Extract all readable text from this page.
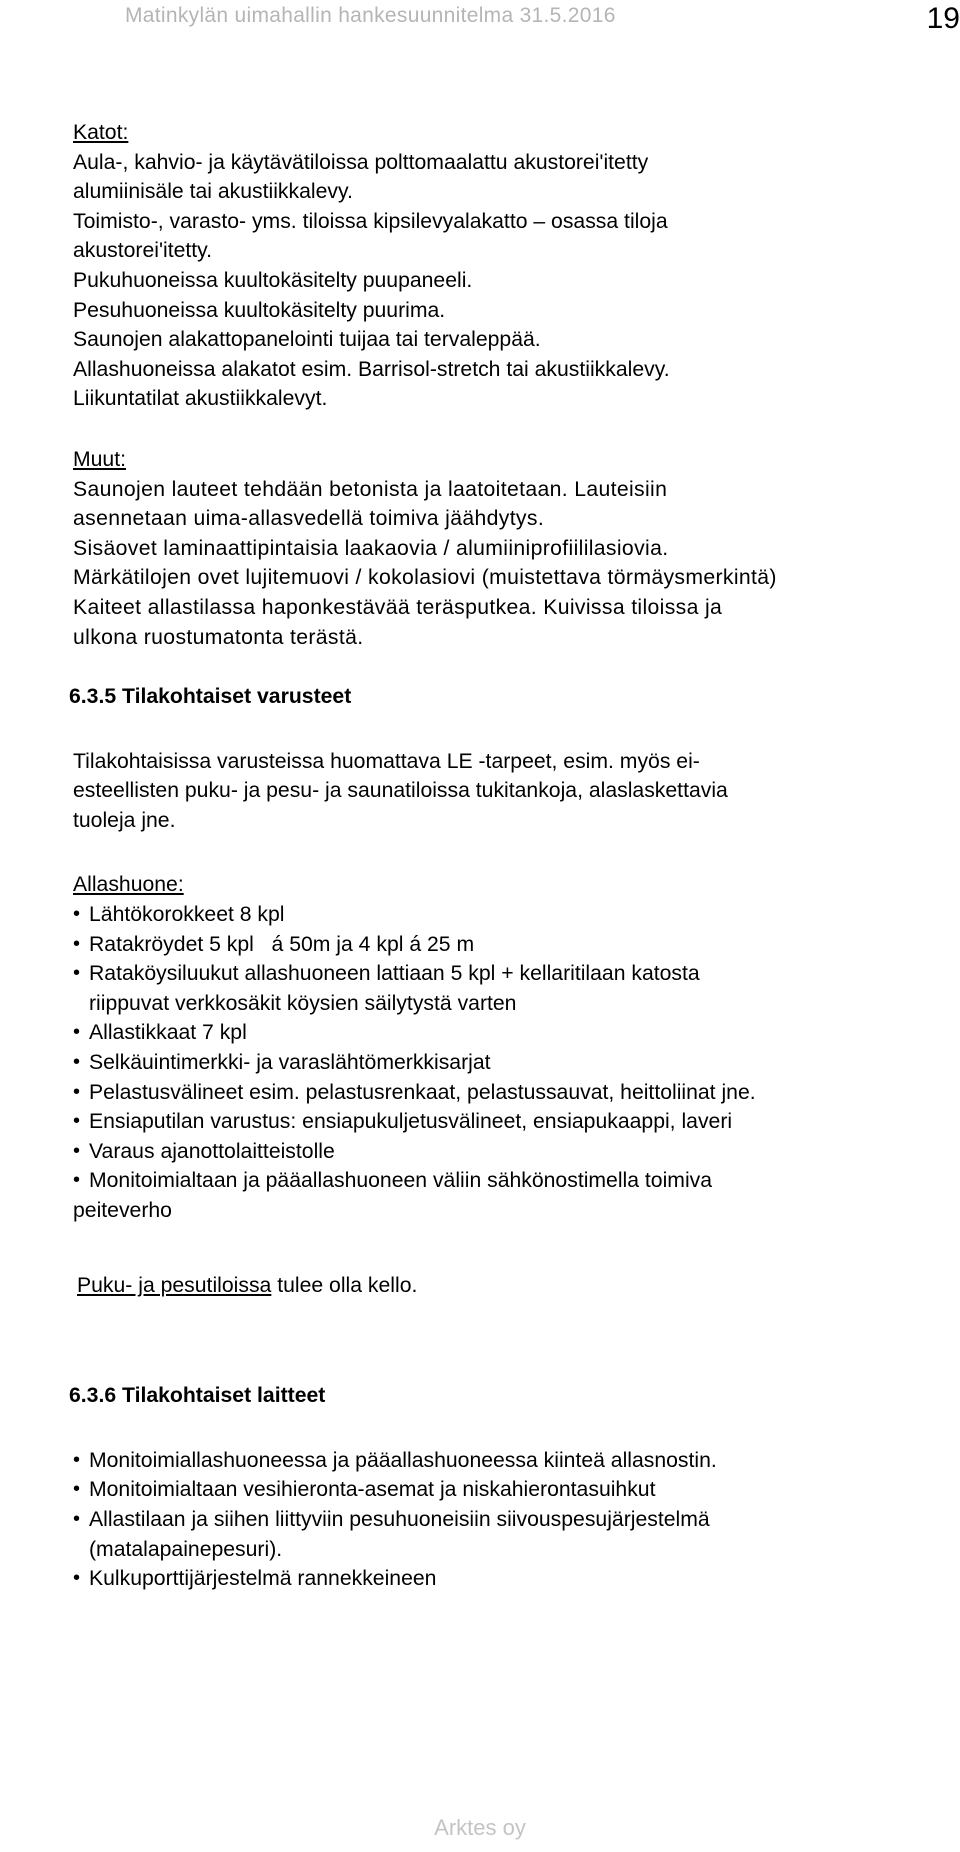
Matinkylän uimahallin hankesuunnitelma 31.5.2016	19
Katot:
Aula-, kahvio- ja käytävätiloissa polttomaalattu akustorei'itetty
alumiinisäle tai akustiikkalevy.
Toimisto-, varasto- yms. tiloissa kipsilevyalakatto – osassa tiloja
akustorei'itetty.
Pukuhuoneissa kuultokäsitelty puupaneeli.
Pesuhuoneissa kuultokäsitelty puurima.
Saunojen alakattopanelointi tuijaa tai tervaleppää.
Allashuoneissa alakatot esim. Barrisol-stretch tai akustiikkalevy.
Liikuntatilat akustiikkalevyt.
Muut:
Saunojen lauteet tehdään betonista ja laatoitetaan. Lauteisiin
asennetaan uima-allasvedellä toimiva jäähdytys.
Sisäovet laminaattipintaisia laakaovia / alumiiniprofiililasiovia.
Märkätilojen ovet lujitemuovi / kokolasiovi (muistettava törmäysmerkintä)
Kaiteet allastilassa haponkestävää teräsputkea. Kuivissa tiloissa ja
ulkona ruostumatonta terästä.
6.3.5 Tilakohtaiset varusteet
Tilakohtaisissa varusteissa huomattava LE -tarpeet, esim. myös ei-
esteellisten puku- ja pesu- ja saunatiloissa tukitankoja, alaslaskettavia
tuoleja jne.
Allashuone:
• Lähtökorokkeet 8 kpl
• Ratakröydet 5 kpl   á 50m ja 4 kpl á 25 m
• Rataköysiluukut allashuoneen lattiaan 5 kpl + kellaritilaan katosta
riippuvat verkkosäkit köysien säilytystä varten
• Allastikkaat 7 kpl
• Selkäuintimerkki- ja varaslähtömerkkisarjat
• Pelastusvälineet esim. pelastusrenkaat, pelastussauvat, heittoliinat jne.
• Ensiaputilan varustus: ensiapukuljetusvälineet, ensiapukaappi, laveri
• Varaus ajanottolaitteistolle
• Monitoimialtaan ja pääallashuoneen väliin sähkönostimella toimiva
peiteverho
Puku- ja pesutiloissa tulee olla kello.
6.3.6 Tilakohtaiset laitteet
• Monitoimiallashuoneessa ja pääallashuoneessa kiinteä allasnostin.
• Monitoimialtaan vesihieronta-asemat ja niskahierontasuihkut
• Allastilaan ja siihen liittyviin pesuhuoneisiin siivouspesujärjestelmä
(matalapainepesuri).
• Kulkuporttijärjestelmä rannekkeineen
Arktes oy
